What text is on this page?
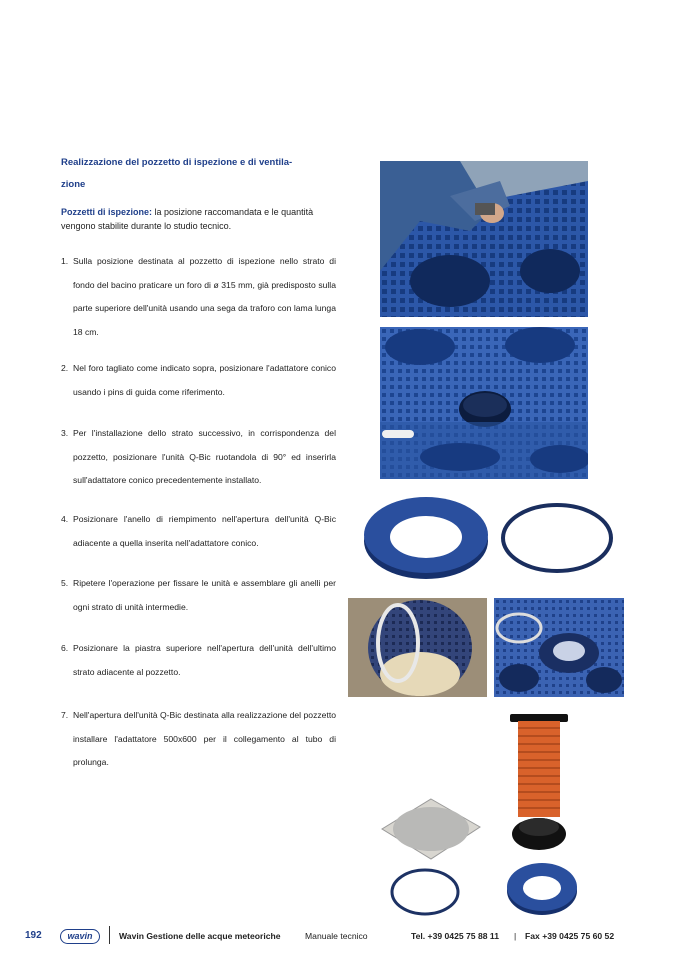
Realizzazione del pozzetto di ispezione e di ventila-
zione
Pozzetti di ispezione: la posizione raccomandata e le quantità vengono stabilite durante lo studio tecnico.
1. Sulla posizione destinata al pozzetto di ispezione nello strato di fondo del bacino praticare un foro di ø 315 mm, già predisposto sulla parte superiore dell'unità usando una sega da traforo con lama lunga 18 cm.
2. Nel foro tagliato come indicato sopra, posizionare l'adattatore conico usando i pins di guida come riferimento.
3. Per l'installazione dello strato successivo, in corrispondenza del pozzetto, posizionare l'unità Q-Bic ruotandola di 90° ed inserirla sull'adattatore conico precedentemente installato.
4. Posizionare l'anello di riempimento nell'apertura dell'unità Q-Bic adiacente a quella inserita nell'adattatore conico.
5. Ripetere l'operazione per fissare le unità e assemblare gli anelli per ogni strato di unità intermedie.
6. Posizionare la piastra superiore nell'apertura dell'unità dell'ultimo strato adiacente al pozzetto.
7. Nell'apertura dell'unità Q-Bic destinata alla realizzazione del pozzetto installare l'adattatore 500x600 per il collegamento al tubo di prolunga.
192	wavin	Wavin Gestione delle acque meteoriche	Manuale tecnico	Tel. +39 0425 75 88 11 | Fax +39 0425 75 60 52
